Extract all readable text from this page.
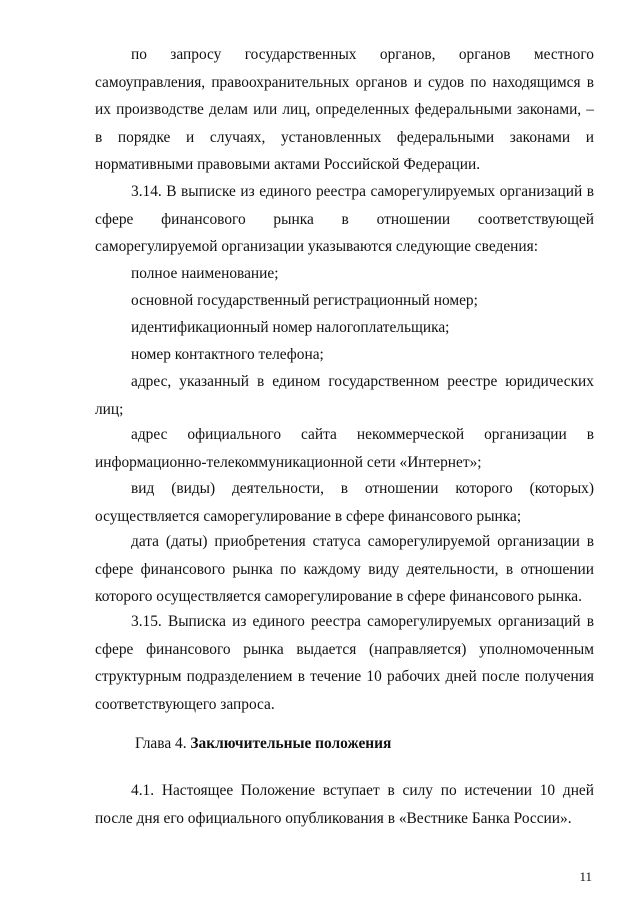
по запросу государственных органов, органов местного самоуправления, правоохранительных органов и судов по находящимся в их производстве делам или лиц, определенных федеральными законами, – в порядке и случаях, установленных федеральными законами и нормативными правовыми актами Российской Федерации.

3.14. В выписке из единого реестра саморегулируемых организаций в сфере финансового рынка в отношении соответствующей саморегулируемой организации указываются следующие сведения:

полное наименование;

основной государственный регистрационный номер;

идентификационный номер налогоплательщика;

номер контактного телефона;

адрес, указанный в едином государственном реестре юридических лиц;

адрес официального сайта некоммерческой организации в информационно-телекоммуникационной сети «Интернет»;

вид (виды) деятельности, в отношении которого (которых) осуществляется саморегулирование в сфере финансового рынка;

дата (даты) приобретения статуса саморегулируемой организации в сфере финансового рынка по каждому виду деятельности, в отношении которого осуществляется саморегулирование в сфере финансового рынка.

3.15. Выписка из единого реестра саморегулируемых организаций в сфере финансового рынка выдается (направляется) уполномоченным структурным подразделением в течение 10 рабочих дней после получения соответствующего запроса.

Глава 4. Заключительные положения

4.1. Настоящее Положение вступает в силу по истечении 10 дней после дня его официального опубликования в «Вестнике Банка России».

11
